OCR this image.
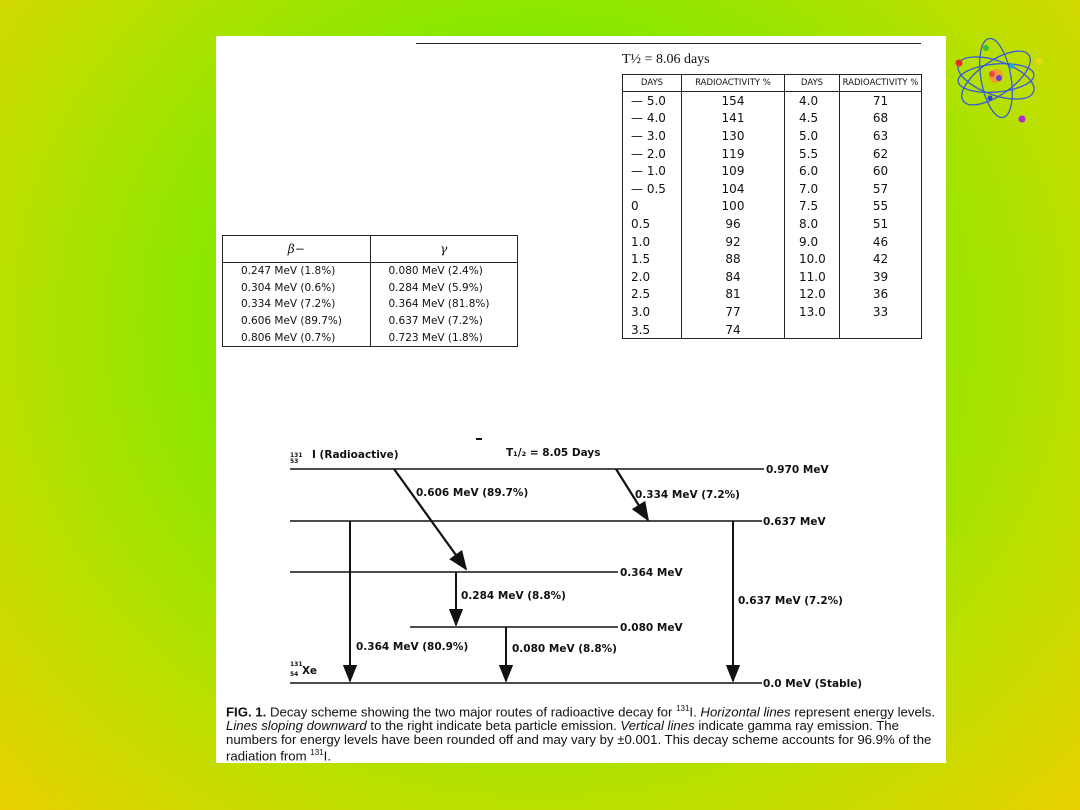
T½ = 8.06 days
DAYS	RADIOACTIVITY %	DAYS	RADIOACTIVITY %
— 5.0	154	4.0	71
— 4.0	141	4.5	68
— 3.0	130	5.0	63
— 2.0	119	5.5	62
— 1.0	109	6.0	60
— 0.5	104	7.0	57
0	100	7.5	55
0.5	96	8.0	51
1.0	92	9.0	46
1.5	88	10.0	42
2.0	84	11.0	39
2.5	81	12.0	36
3.0	77	13.0	33
3.5	74		
β−	γ
0.247 MeV (1.8%)	0.080 MeV (2.4%)
0.304 MeV (0.6%)	0.284 MeV (5.9%)
0.334 MeV (7.2%)	0.364 MeV (81.8%)
0.606 MeV (89.7%)	0.637 MeV (7.2%)
0.806 MeV (0.7%)	0.723 MeV (1.8%)
131
53
I (Radioactive)	T₁/₂ = 8.05 Days
0.970 MeV
0.637 MeV
0.364 MeV
0.080 MeV
0.0 MeV (Stable)
0.606 MeV (89.7%)	0.334 MeV (7.2%)
0.364 MeV (80.9%)
0.284 MeV (8.8%)
0.080 MeV (8.8%)
0.637 MeV (7.2%)
131
54 Xe
FIG. 1. Decay scheme showing the two major routes of radioactive decay for $^{131}$I. Horizontal lines represent energy levels. Lines sloping downward to the right indicate beta particle emission. Vertical lines indicate gamma ray emission. The numbers for energy levels have been rounded off and may vary by ±0.001. This decay scheme accounts for 96.9% of the radiation from $^{131}$I.
